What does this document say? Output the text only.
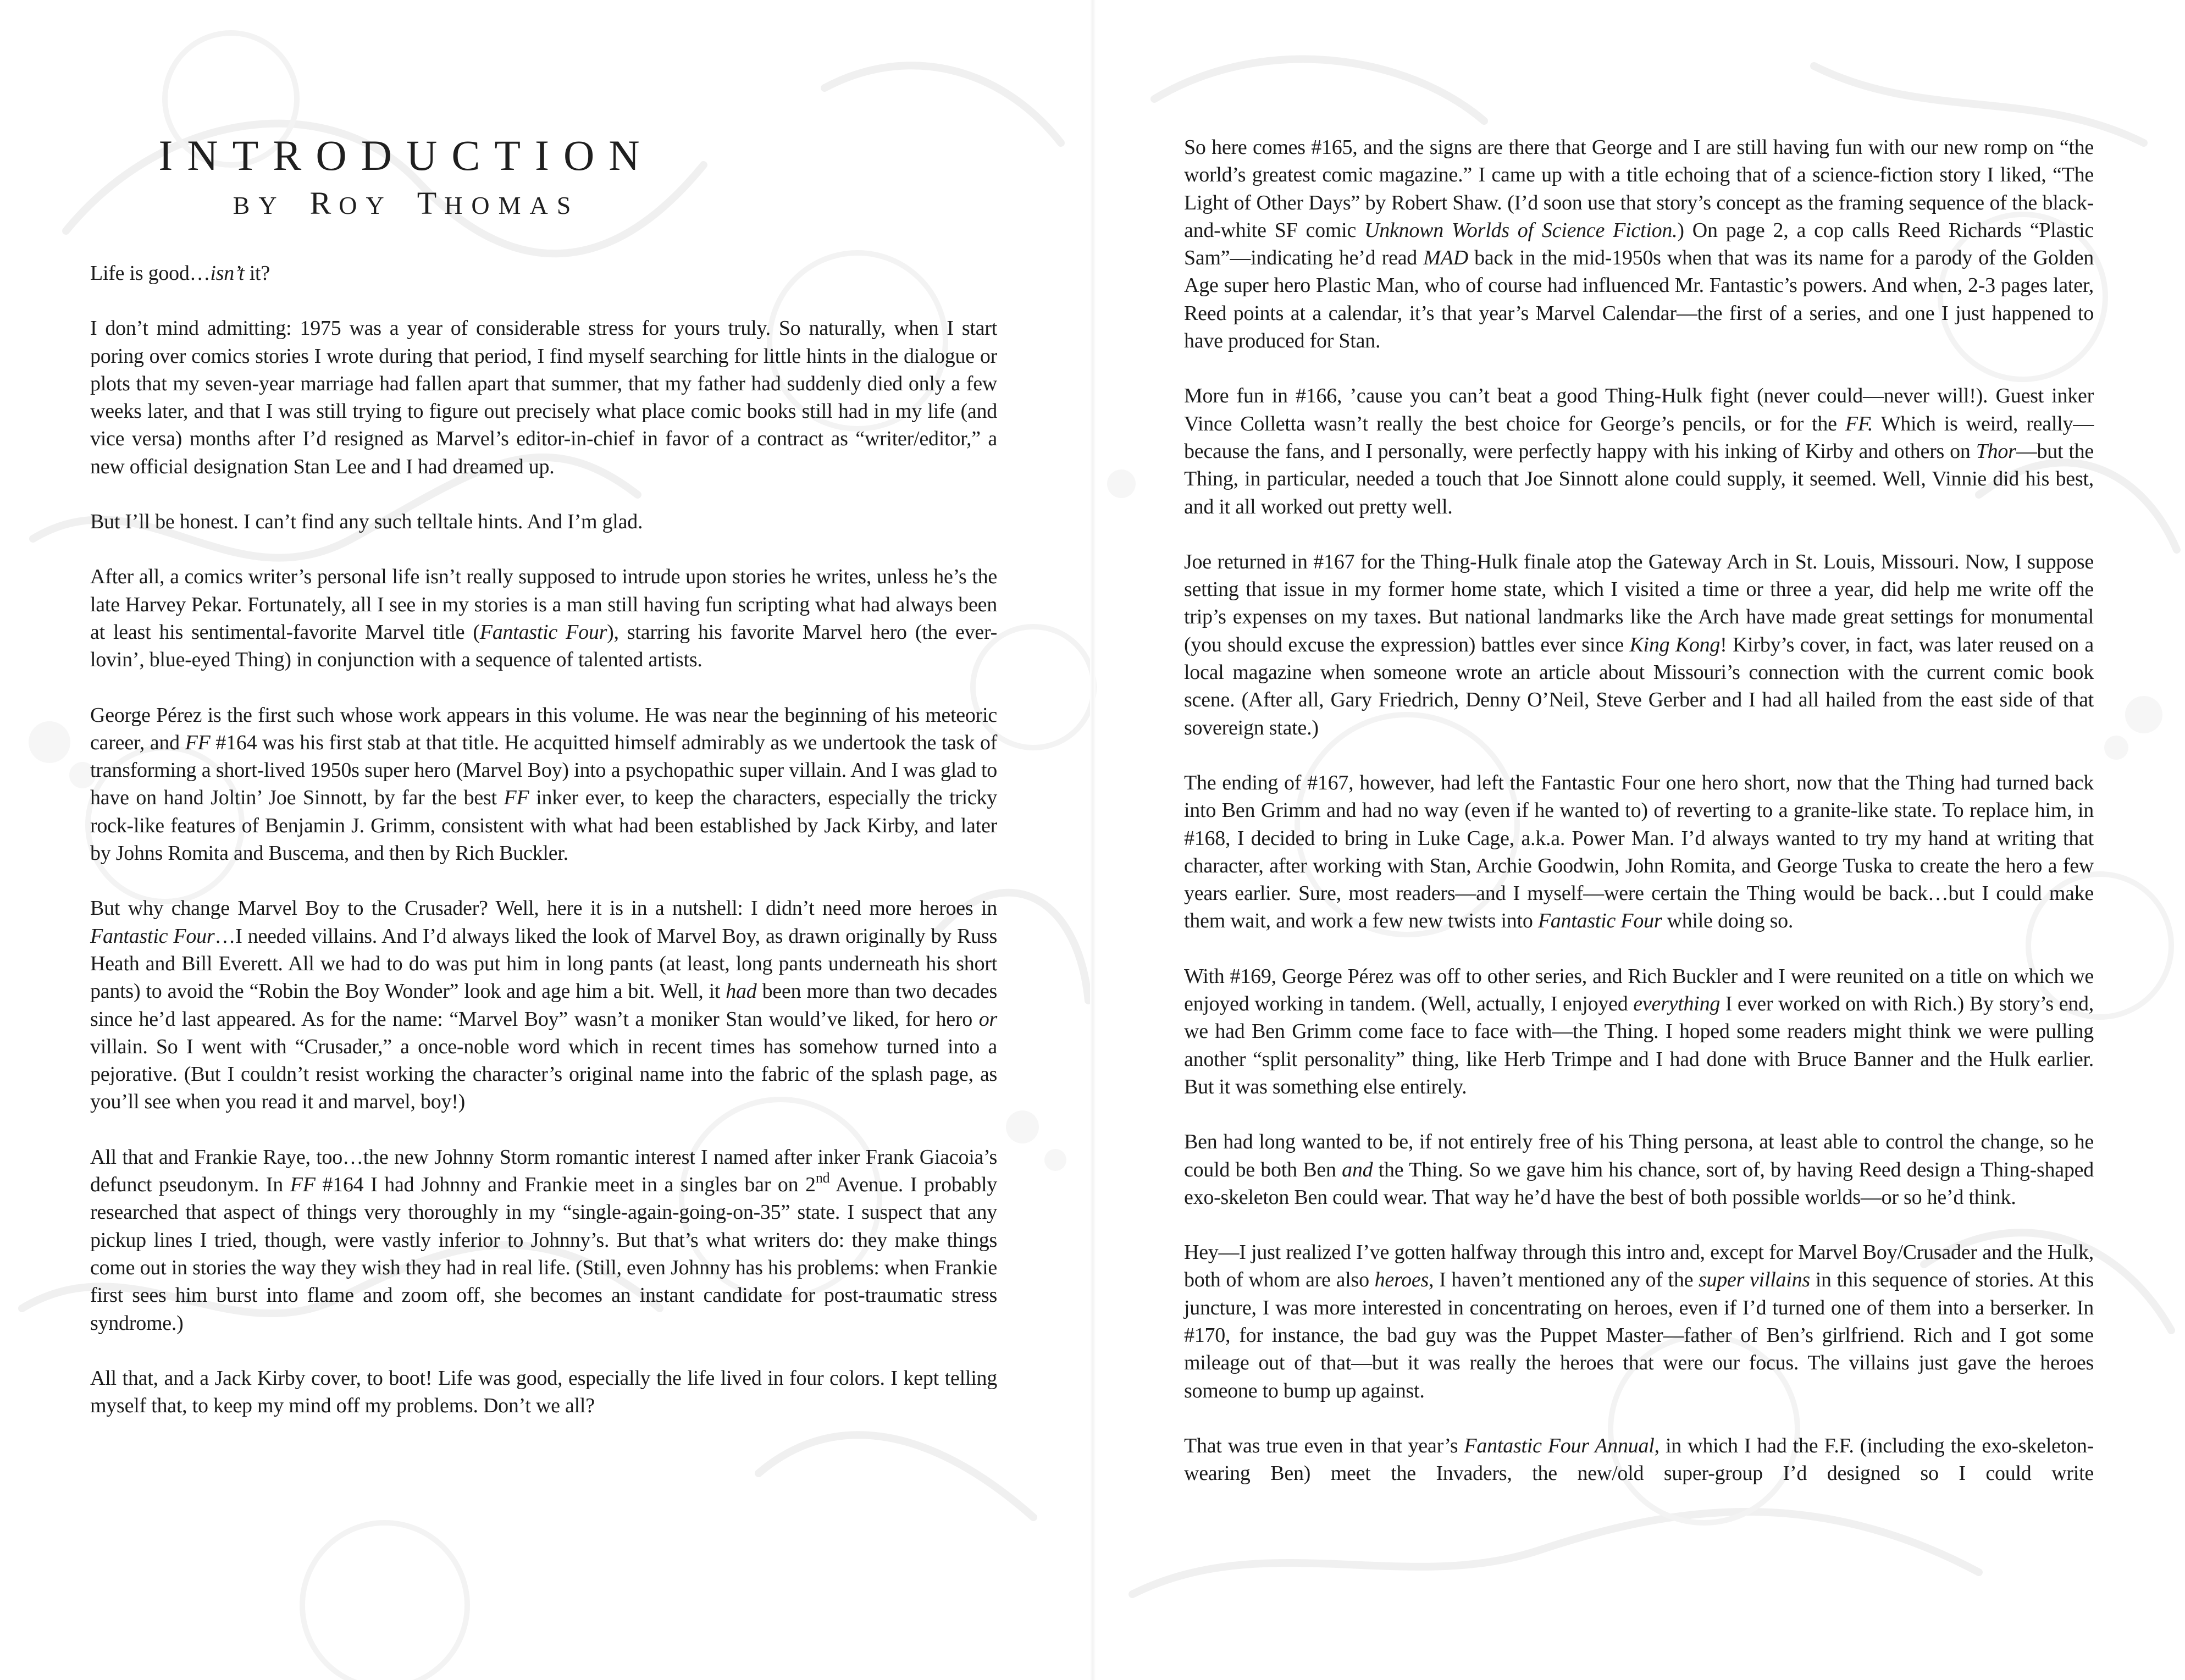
INTRODUCTION
BY ROY THOMAS

Life is good…isn’t it?

I don’t mind admitting: 1975 was a year of considerable stress for yours truly. So naturally, when I start poring over comics stories I wrote during that period, I find myself searching for little hints in the dialogue or plots that my seven-year marriage had fallen apart that summer, that my father had suddenly died only a few weeks later, and that I was still trying to figure out precisely what place comic books still had in my life (and vice versa) months after I’d resigned as Marvel’s editor-in-chief in favor of a contract as “writer/editor,” a new official designation Stan Lee and I had dreamed up.

But I’ll be honest. I can’t find any such telltale hints. And I’m glad.

After all, a comics writer’s personal life isn’t really supposed to intrude upon stories he writes, unless he’s the late Harvey Pekar. Fortunately, all I see in my stories is a man still having fun scripting what had always been at least his sentimental-favorite Marvel title (Fantastic Four), starring his favorite Marvel hero (the ever-lovin’, blue-eyed Thing) in conjunction with a sequence of talented artists.

George Pérez is the first such whose work appears in this volume. He was near the beginning of his meteoric career, and FF #164 was his first stab at that title. He acquitted himself admirably as we undertook the task of transforming a short-lived 1950s super hero (Marvel Boy) into a psychopathic super villain. And I was glad to have on hand Joltin’ Joe Sinnott, by far the best FF inker ever, to keep the characters, especially the tricky rock-like features of Benjamin J. Grimm, consistent with what had been established by Jack Kirby, and later by Johns Romita and Buscema, and then by Rich Buckler.

But why change Marvel Boy to the Crusader? Well, here it is in a nutshell: I didn’t need more heroes in Fantastic Four…I needed villains. And I’d always liked the look of Marvel Boy, as drawn originally by Russ Heath and Bill Everett. All we had to do was put him in long pants (at least, long pants underneath his short pants) to avoid the “Robin the Boy Wonder” look and age him a bit. Well, it had been more than two decades since he’d last appeared. As for the name: “Marvel Boy” wasn’t a moniker Stan would’ve liked, for hero or villain. So I went with “Crusader,” a once-noble word which in recent times has somehow turned into a pejorative. (But I couldn’t resist working the character’s original name into the fabric of the splash page, as you’ll see when you read it and marvel, boy!)

All that and Frankie Raye, too…the new Johnny Storm romantic interest I named after inker Frank Giacoia’s defunct pseudonym. In FF #164 I had Johnny and Frankie meet in a singles bar on 2nd Avenue. I probably researched that aspect of things very thoroughly in my “single-again-going-on-35” state. I suspect that any pickup lines I tried, though, were vastly inferior to Johnny’s. But that’s what writers do: they make things come out in stories the way they wish they had in real life. (Still, even Johnny has his problems: when Frankie first sees him burst into flame and zoom off, she becomes an instant candidate for post-traumatic stress syndrome.)

All that, and a Jack Kirby cover, to boot! Life was good, especially the life lived in four colors. I kept telling myself that, to keep my mind off my problems. Don’t we all?

So here comes #165, and the signs are there that George and I are still having fun with our new romp on “the world’s greatest comic magazine.” I came up with a title echoing that of a science-fiction story I liked, “The Light of Other Days” by Robert Shaw. (I’d soon use that story’s concept as the framing sequence of the black-and-white SF comic Unknown Worlds of Science Fiction.) On page 2, a cop calls Reed Richards “Plastic Sam”—indicating he’d read MAD back in the mid-1950s when that was its name for a parody of the Golden Age super hero Plastic Man, who of course had influenced Mr. Fantastic’s powers. And when, 2-3 pages later, Reed points at a calendar, it’s that year’s Marvel Calendar—the first of a series, and one I just happened to have produced for Stan.

More fun in #166, ’cause you can’t beat a good Thing-Hulk fight (never could—never will!). Guest inker Vince Colletta wasn’t really the best choice for George’s pencils, or for the FF. Which is weird, really—because the fans, and I personally, were perfectly happy with his inking of Kirby and others on Thor—but the Thing, in particular, needed a touch that Joe Sinnott alone could supply, it seemed. Well, Vinnie did his best, and it all worked out pretty well.

Joe returned in #167 for the Thing-Hulk finale atop the Gateway Arch in St. Louis, Missouri. Now, I suppose setting that issue in my former home state, which I visited a time or three a year, did help me write off the trip’s expenses on my taxes. But national landmarks like the Arch have made great settings for monumental (you should excuse the expression) battles ever since King Kong! Kirby’s cover, in fact, was later reused on a local magazine when someone wrote an article about Missouri’s connection with the current comic book scene. (After all, Gary Friedrich, Denny O’Neil, Steve Gerber and I had all hailed from the east side of that sovereign state.)

The ending of #167, however, had left the Fantastic Four one hero short, now that the Thing had turned back into Ben Grimm and had no way (even if he wanted to) of reverting to a granite-like state. To replace him, in #168, I decided to bring in Luke Cage, a.k.a. Power Man. I’d always wanted to try my hand at writing that character, after working with Stan, Archie Goodwin, John Romita, and George Tuska to create the hero a few years earlier. Sure, most readers—and I myself—were certain the Thing would be back…but I could make them wait, and work a few new twists into Fantastic Four while doing so.

With #169, George Pérez was off to other series, and Rich Buckler and I were reunited on a title on which we enjoyed working in tandem. (Well, actually, I enjoyed everything I ever worked on with Rich.) By story’s end, we had Ben Grimm come face to face with—the Thing. I hoped some readers might think we were pulling another “split personality” thing, like Herb Trimpe and I had done with Bruce Banner and the Hulk earlier. But it was something else entirely.

Ben had long wanted to be, if not entirely free of his Thing persona, at least able to control the change, so he could be both Ben and the Thing. So we gave him his chance, sort of, by having Reed design a Thing-shaped exo-skeleton Ben could wear. That way he’d have the best of both possible worlds—or so he’d think.

Hey—I just realized I’ve gotten halfway through this intro and, except for Marvel Boy/Crusader and the Hulk, both of whom are also heroes, I haven’t mentioned any of the super villains in this sequence of stories. At this juncture, I was more interested in concentrating on heroes, even if I’d turned one of them into a berserker. In #170, for instance, the bad guy was the Puppet Master—father of Ben’s girlfriend. Rich and I got some mileage out of that—but it was really the heroes that were our focus. The villains just gave the heroes someone to bump up against.

That was true even in that year’s Fantastic Four Annual, in which I had the F.F. (including the exo-skeleton-wearing Ben) meet the Invaders, the new/old super-group I’d designed so I could write
